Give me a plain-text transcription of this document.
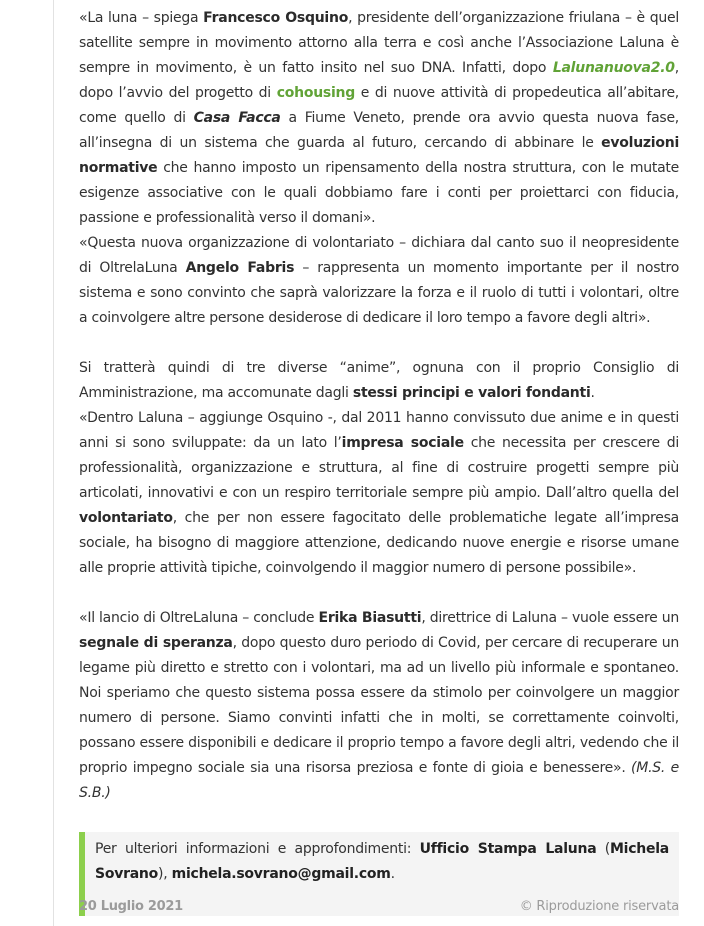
«La luna – spiega Francesco Osquino, presidente dell’organizzazione friulana – è quel satellite sempre in movimento attorno alla terra e così anche l’Associazione Laluna è sempre in movimento, è un fatto insito nel suo DNA. Infatti, dopo Lalunanuova2.0, dopo l’avvio del progetto di cohousing e di nuove attività di propedeutica all’abitare, come quello di Casa Facca a Fiume Veneto, prende ora avvio questa nuova fase, all’insegna di un sistema che guarda al futuro, cercando di abbinare le evoluzioni normative che hanno imposto un ripensamento della nostra struttura, con le mutate esigenze associative con le quali dobbiamo fare i conti per proiettarci con fiducia, passione e professionalità verso il domani».

«Questa nuova organizzazione di volontariato – dichiara dal canto suo il neopresidente di OltrelaLuna Angelo Fabris – rappresenta un momento importante per il nostro sistema e sono convinto che saprà valorizzare la forza e il ruolo di tutti i volontari, oltre a coinvolgere altre persone desiderose di dedicare il loro tempo a favore degli altri».

Si tratterà quindi di tre diverse “anime”, ognuna con il proprio Consiglio di Amministrazione, ma accomunate dagli stessi principi e valori fondanti.

«Dentro Laluna – aggiunge Osquino -, dal 2011 hanno convissuto due anime e in questi anni si sono sviluppate: da un lato l’impresa sociale che necessita per crescere di professionalità, organizzazione e struttura, al fine di costruire progetti sempre più articolati, innovativi e con un respiro territoriale sempre più ampio. Dall’altro quella del volontariato, che per non essere fagocitato delle problematiche legate all’impresa sociale, ha bisogno di maggiore attenzione, dedicando nuove energie e risorse umane alle proprie attività tipiche, coinvolgendo il maggior numero di persone possibile».

«Il lancio di OltreLaluna – conclude Erika Biasutti, direttrice di Laluna – vuole essere un segnale di speranza, dopo questo duro periodo di Covid, per cercare di recuperare un legame più diretto e stretto con i volontari, ma ad un livello più informale e spontaneo. Noi speriamo che questo sistema possa essere da stimolo per coinvolgere un maggior numero di persone. Siamo convinti infatti che in molti, se correttamente coinvolti, possano essere disponibili e dedicare il proprio tempo a favore degli altri, vedendo che il proprio impegno sociale sia una risorsa preziosa e fonte di gioia e benessere». (M.S. e S.B.)

Per ulteriori informazioni e approfondimenti: Ufficio Stampa Laluna (Michela Sovrano), michela.sovrano@gmail.com.

20 Luglio 2021	© Riproduzione riservata
